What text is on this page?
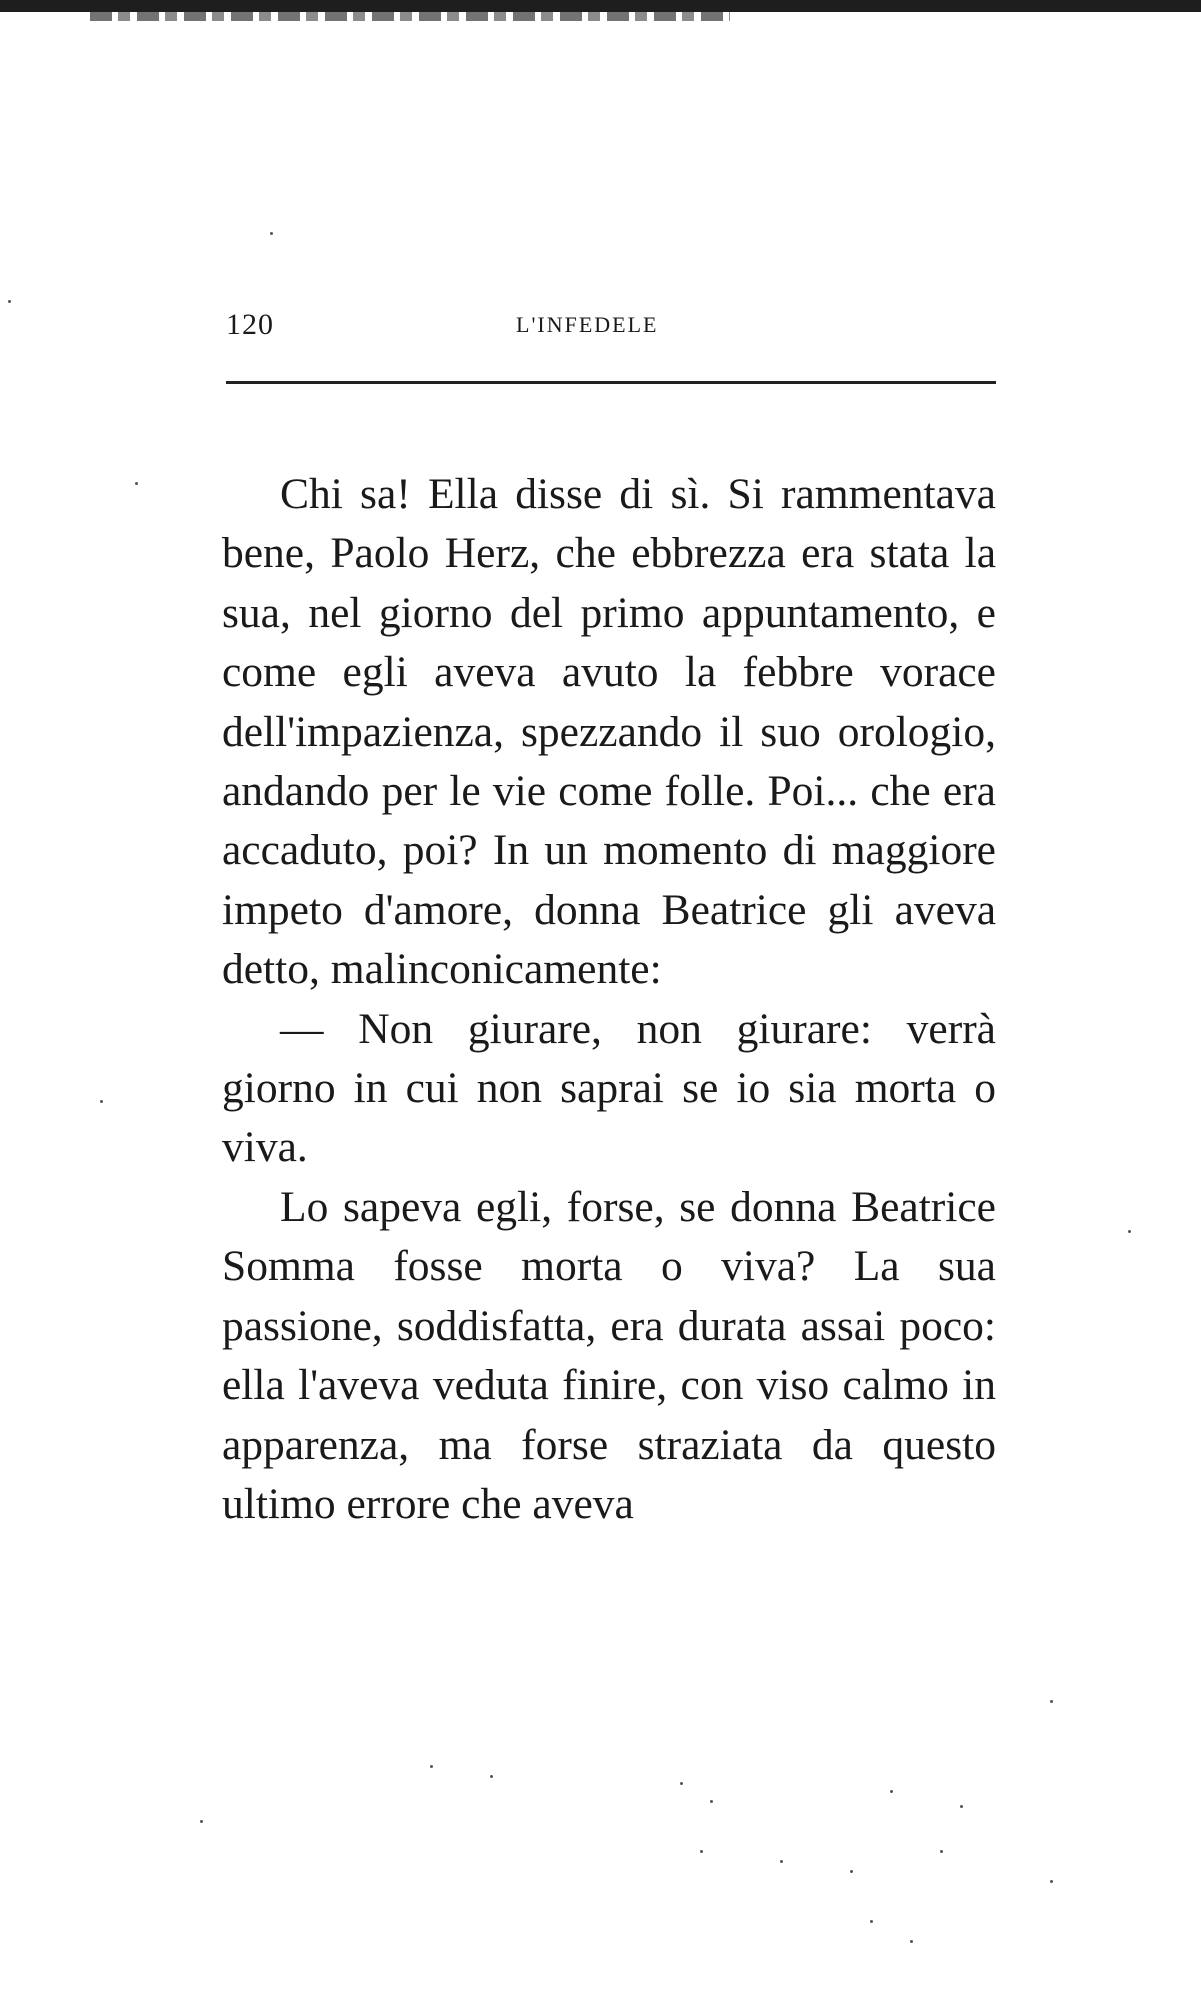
120	L'INFEDELE

Chi sa! Ella disse di sì. Si rammentava bene, Paolo Herz, che ebbrezza era stata la sua, nel giorno del primo appuntamento, e come egli aveva avuto la febbre vorace dell'impazienza, spezzando il suo orologio, andando per le vie come folle. Poi... che era accaduto, poi? In un momento di maggiore impeto d'amore, donna Beatrice gli aveva detto, malinconicamente:

— Non giurare, non giurare: verrà giorno in cui non saprai se io sia morta o viva.

Lo sapeva egli, forse, se donna Beatrice Somma fosse morta o viva? La sua passione, soddisfatta, era durata assai poco: ella l'aveva veduta finire, con viso calmo in apparenza, ma forse straziata da questo ultimo errore che aveva
